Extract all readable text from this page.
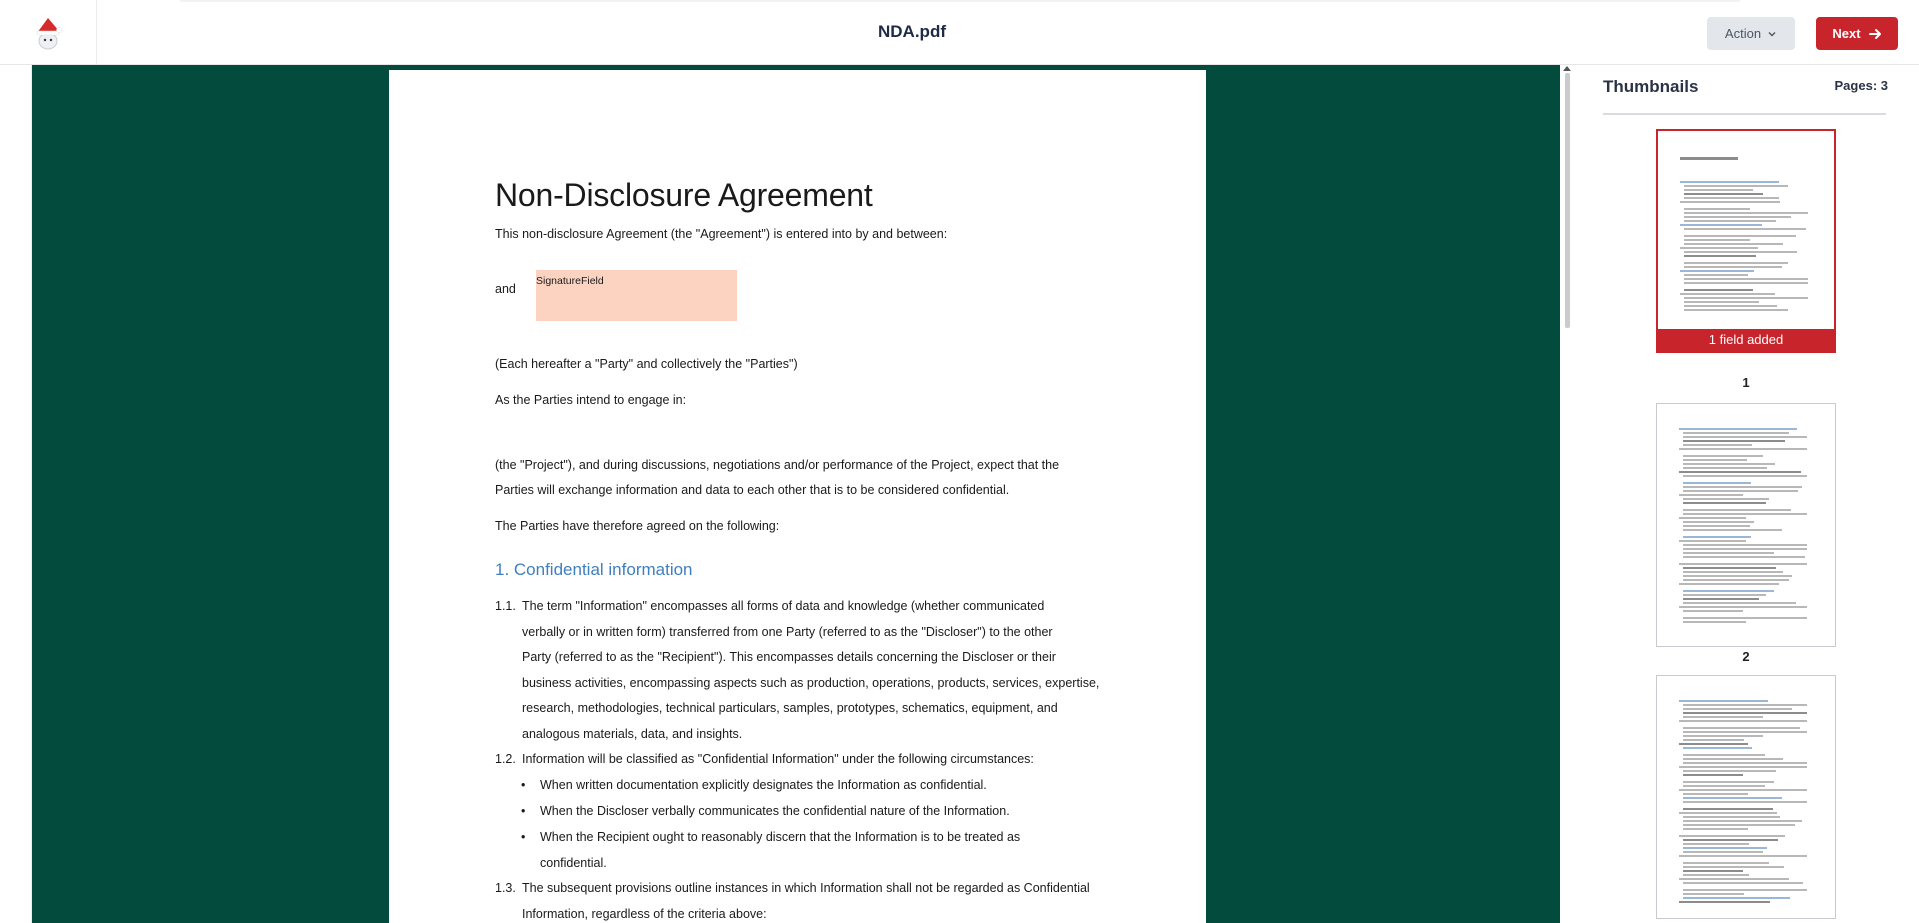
NDA.pdf	Action	Next
Non-Disclosure Agreement
This non-disclosure Agreement (the "Agreement") is entered into by and between:
and
SignatureField
(Each hereafter a "Party" and collectively the "Parties")
As the Parties intend to engage in:
(the "Project"), and during discussions, negotiations and/or performance of the Project, expect that the
Parties will exchange information and data to each other that is to be considered confidential.
The Parties have therefore agreed on the following:
1. Confidential information
1.1. The term "Information" encompasses all forms of data and knowledge (whether communicated
verbally or in written form) transferred from one Party (referred to as the "Discloser") to the other
Party (referred to as the "Recipient"). This encompasses details concerning the Discloser or their
business activities, encompassing aspects such as production, operations, products, services, expertise,
research, methodologies, technical particulars, samples, prototypes, schematics, equipment, and
analogous materials, data, and insights.
1.2. Information will be classified as "Confidential Information" under the following circumstances:
• When written documentation explicitly designates the Information as confidential.
• When the Discloser verbally communicates the confidential nature of the Information.
• When the Recipient ought to reasonably discern that the Information is to be treated as
confidential.
1.3. The subsequent provisions outline instances in which Information shall not be regarded as Confidential
Information, regardless of the criteria above:
Thumbnails	Pages: 3
1 field added
1
2
